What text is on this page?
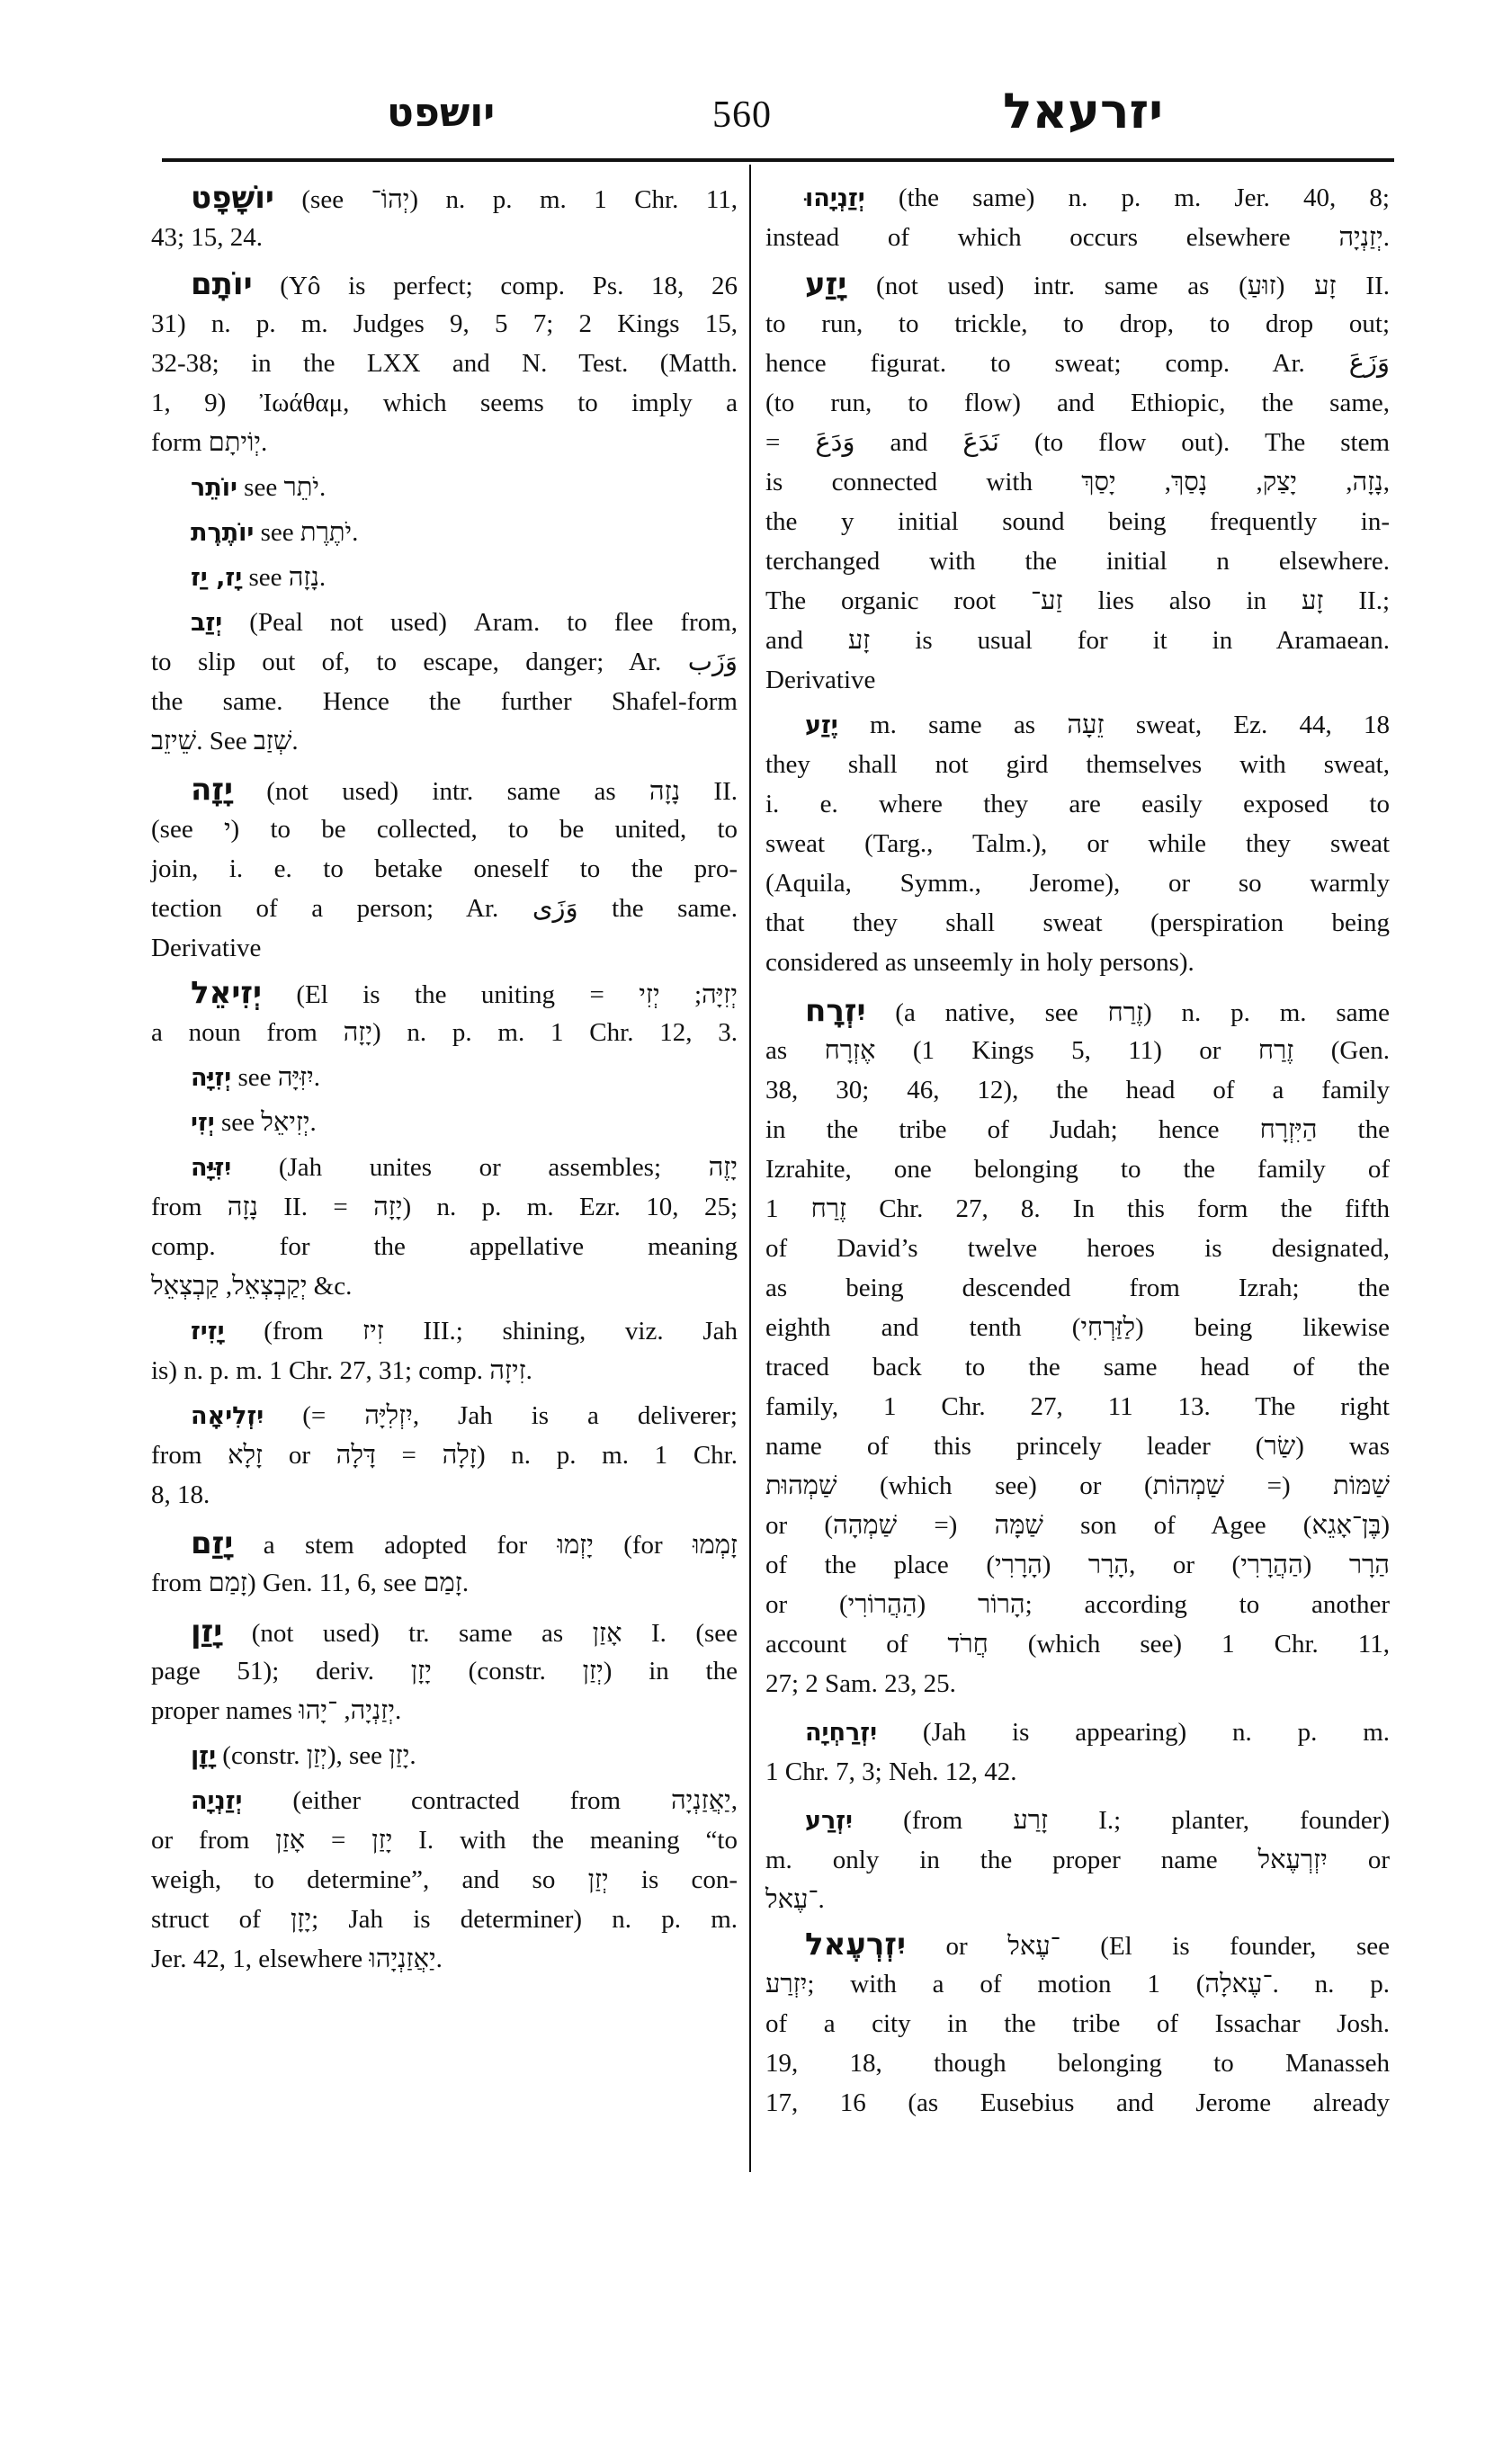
יושפט	560	יזרעאל
יוֹשָׁפָט (see יְהוֹ־) n. p. m. 1 Chr. 11,
43; 15, 24.
יוֹתָם (Yô is perfect; comp. Ps. 18, 26
31) n. p. m. Judges 9, 5 7; 2 Kings 15,
32-38; in the LXX and N. Test. (Matth.
1, 9) Ἰωάθαμ, which seems to imply a
form יְוֹיתָם.
יוֹתֵר see יֹתֵר.
יוֹתֶרֶת see יֹתֶרֶת.
יָז, יַז see נָזָה.
יְזַב (Peal not used) Aram. to flee from,
to slip out of, to escape, danger; Ar. وَزَب
the same. Hence the further Shafel-form
שֵׁיזֵב. See שְׁזַב.
יָזָה (not used) intr. same as נָזָה II.
(see י) to be collected, to be united, to
join, i. e. to betake oneself to the pro-
tection of a person; Ar. وَزَى the same.
Derivative
יְזִיאֵל (El is the uniting = יְזִיָּה; יְזִי
a noun from יָזָה) n. p. m. 1 Chr. 12, 3.
יְזִיָּה see יִזִּיָּה.
יְזִי see יְזִיאֵל.
יִזִּיָּה (Jah unites or assembles; יָזֶה
from נָזָה II. = יָזָה) n. p. m. Ezr. 10, 25;
comp. for the appellative meaning
יְקַבְצְאֵל, קַבְצְאֵל &c.
יָזִיז (from זִיז III.; shining, viz. Jah
is) n. p. m. 1 Chr. 27, 31; comp. זִיזָה.
יִזְלִיאָה (= יִזְלִיָּה, Jah is a deliverer;
from זָלָא or זָלָה = דָּלָה) n. p. m. 1 Chr.
8, 18.
יָזַם a stem adopted for יָזְמוּ (for זָמְמוּ
from זָמַם) Gen. 11, 6, see זָמַם.
יָזַן (not used) tr. same as אָזַן I. (see
page 51); deriv. יָזָן (constr. יְזַן) in the
proper names יְזַנְיָה, ־יָהוּ.
יָזָן (constr. יְזַן), see יָזַן.
יְזַנְיָה (either contracted from יַאֲזַנְיָה,
or from יָזַן = אָזַן I. with the meaning “to
weigh, to determine”, and so יְזַן is con-
struct of יָזָן; Jah is determiner) n. p. m.
Jer. 42, 1, elsewhere יַאֲזַנְיָהוּ.
יְזַנְיָהוּ (the same) n. p. m. Jer. 40, 8;
instead of which occurs elsewhere יְזַנְיָה.
יָזַע (not used) intr. same as זָע (זוּעַ) II.
to run, to trickle, to drop, to drop out;
hence figurat. to sweat; comp. Ar. وَزَعَ
(to run, to flow) and Ethiopic, the same,
= وَدَعَ and نَدَعَ (to flow out). The stem
is connected with נָזָה, יָצַק, נָסַךְ, יָסַךְ,
the y initial sound being frequently in-
terchanged with the initial n elsewhere.
The organic root זַע־ lies also in זָע II.;
and זָע is usual for it in Aramaean.
Derivative
יֶזַע m. same as זֵעָה sweat, Ez. 44, 18
they shall not gird themselves with sweat,
i. e. where they are easily exposed to
sweat (Targ., Talm.), or while they sweat
(Aquila, Symm., Jerome), or so warmly
that they shall sweat (perspiration being
considered as unseemly in holy persons).
יִזְרָח (a native, see זֶרַח) n. p. m. same
as אֶזְרָח (1 Kings 5, 11) or זֶרַח (Gen.
38, 30; 46, 12), the head of a family
in the tribe of Judah; hence הַיִּזְרָח the
Izrahite, one belonging to the family of
זֶרַח 1 Chr. 27, 8. In this form the fifth
of David’s twelve heroes is designated,
as being descended from Izrah; the
eighth and tenth (לַזַּרְחִי) being likewise
traced back to the same head of the
family, 1 Chr. 27, 11 13. The right
name of this princely leader (שַׂר) was
שַׁמְהוּת (which see) or שַׁמּוֹת (= שַׁמְהוֹת)
or שַׁמָּה (= שַׁמְהָה) son of Agee (בֶּן־אָגֵא)
of the place הָרָר (הָרָרִי), or הַרָר (הַהֲרָרִי)
or הָרוֹר (הַהֲרוֹרִי); according to another
account of חֲרֹד (which see) 1 Chr. 11,
27; 2 Sam. 23, 25.
יִזְרַחְיָה (Jah is appearing) n. p. m.
1 Chr. 7, 3; Neh. 12, 42.
יִזְרַע (from זָרַע I.; planter, founder)
m. only in the proper name יִזְרְעֶאל or
־עֶאל.
יִזְרְעֶאל or ־עֶאל (El is founder, see
יִזְרַע; with a of motion ־עֶאלָה) 1. n. p.
of a city in the tribe of Issachar Josh.
19, 18, though belonging to Manasseh
17, 16 (as Eusebius and Jerome already
